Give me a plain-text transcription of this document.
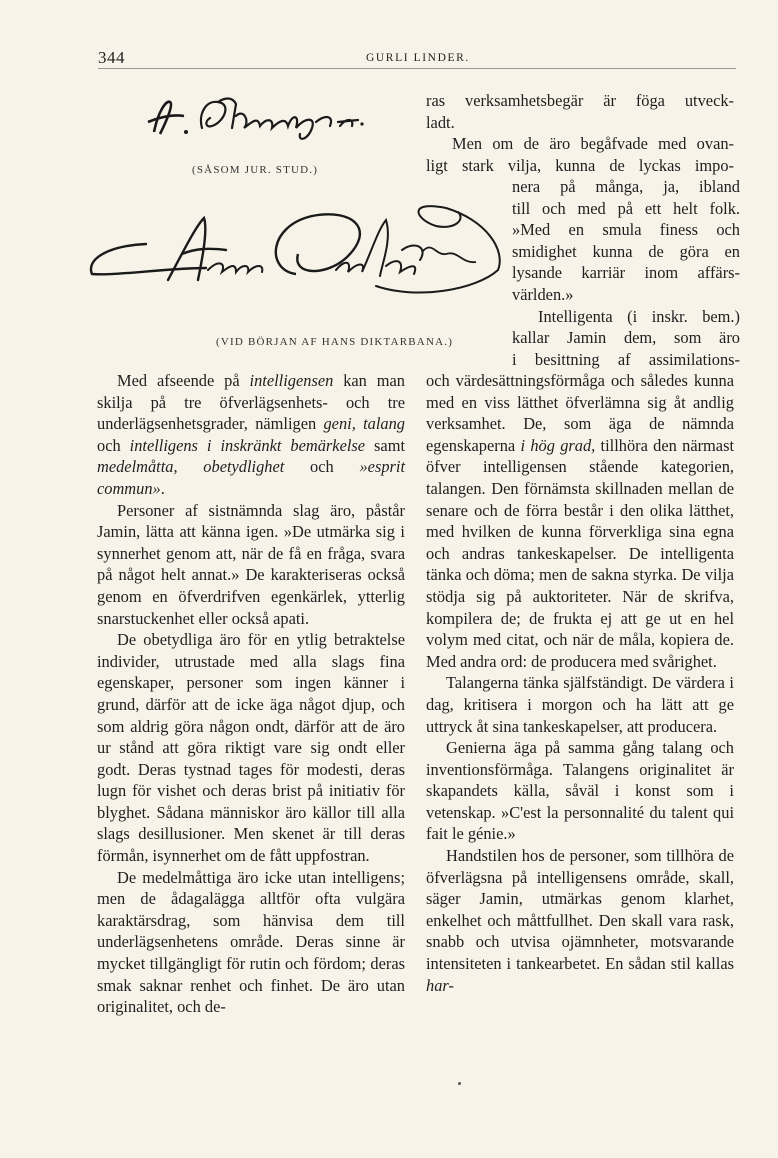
344	GURLI LINDER.
(SÅSOM JUR. STUD.)
(VID BÖRJAN AF HANS DIKTARBANA.)
ras verksamhetsbegär är föga utveck-
ladt.
Men om de äro begåfvade med ovan-
ligt stark vilja, kunna de lyckas impo-
nera på många, ja, ibland
till och med på ett helt folk.
»Med en smula finess och
smidighet kunna de göra en
lysande karriär inom affärs-
världen.»
Intelligenta (i inskr. bem.)
kallar Jamin dem, som äro
i besittning af assimilations-

Med afseende på intelligensen kan man skilja på tre öfverlägsenhets- och tre underlägsenhetsgrader, nämligen geni, talang och intelligens i inskränkt bemärkelse samt medelmåtta, obetydlighet och »esprit commun».

Personer af sistnämnda slag äro, påstår Jamin, lätta att känna igen. »De utmärka sig i synnerhet genom att, när de få en fråga, svara på något helt annat.» De karakteriseras också genom en öfverdrifven egenkärlek, ytterlig snarstuckenhet eller också apati.

De obetydliga äro för en ytlig betraktelse individer, utrustade med alla slags fina egenskaper, personer som ingen känner i grund, därför att de icke äga något djup, och som aldrig göra någon ondt, därför att de äro ur stånd att göra riktigt vare sig ondt eller godt. Deras tystnad tages för modesti, deras lugn för vishet och deras brist på initiativ för blyghet. Sådana människor äro källor till alla slags desillusioner. Men skenet är till deras förmån, isynnerhet om de fått uppfostran.

De medelmåttiga äro icke utan intelligens; men de ådagalägga alltför ofta vulgära karaktärsdrag, som hänvisa dem till underlägsenhetens område. Deras sinne är mycket tillgängligt för rutin och fördom; deras smak saknar renhet och finhet. De äro utan originalitet, och de-

och värdesättningsförmåga och således kunna med en viss lätthet öfverlämna sig åt andlig verksamhet. De, som äga de nämnda egenskaperna i hög grad, tillhöra den närmast öfver intelligensen stående kategorien, talangen. Den förnämsta skillnaden mellan de senare och de förra består i den olika lätthet, med hvilken de kunna förverkliga sina egna och andras tankeskapelser. De intelligenta tänka och döma; men de sakna styrka. De vilja stödja sig på auktoriteter. När de skrifva, kompilera de; de frukta ej att ge ut en hel volym med citat, och när de måla, kopiera de. Med andra ord: de producera med svårighet.

Talangerna tänka själfständigt. De värdera i dag, kritisera i morgon och ha lätt att ge uttryck åt sina tankeskapelser, att producera.

Genierna äga på samma gång talang och inventionsförmåga. Talangens originalitet är skapandets källa, såväl i konst som i vetenskap. »C'est la personnalité du talent qui fait le génie.»

Handstilen hos de personer, som tillhöra de öfverlägsna på intelligensens område, skall, säger Jamin, utmärkas genom klarhet, enkelhet och måttfullhet. Den skall vara rask, snabb och utvisa ojämnheter, motsvarande intensiteten i tankearbetet. En sådan stil kallas har-
